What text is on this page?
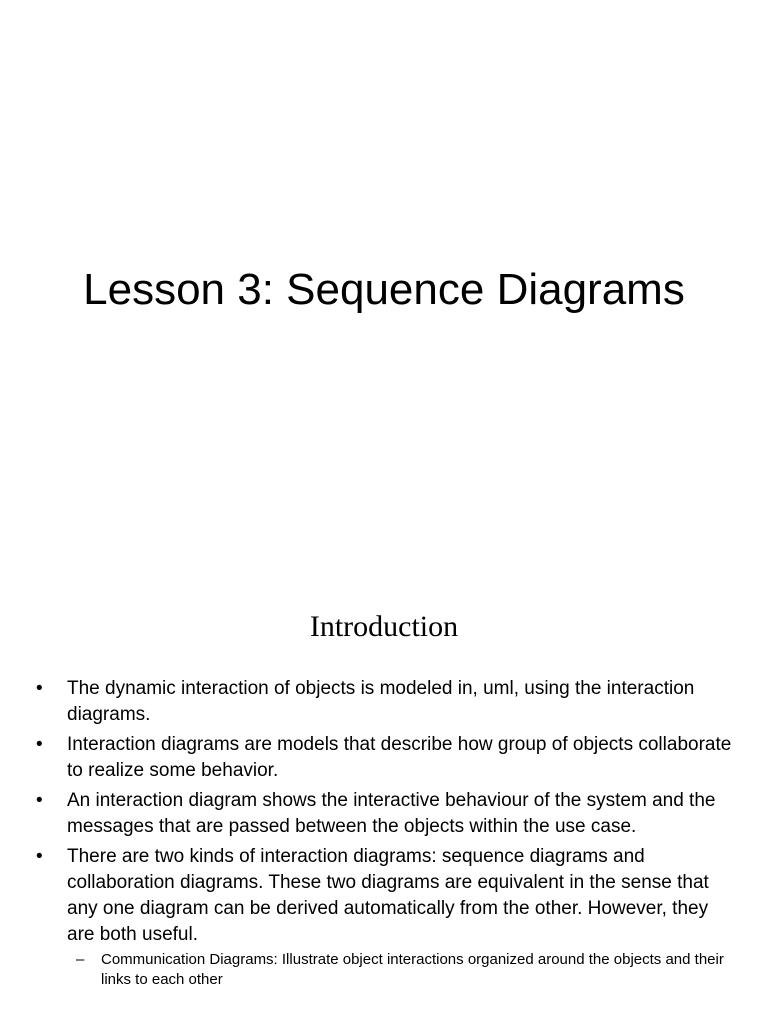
Lesson 3: Sequence Diagrams
Introduction
•	The dynamic interaction of objects is modeled in, uml, using the interaction diagrams.
•	Interaction diagrams are models that describe how group of objects collaborate to realize some behavior.
•	An interaction diagram shows the interactive behaviour of the system and the messages that are passed between the objects within the use case.
•	There are two kinds of interaction diagrams: sequence diagrams and collaboration diagrams. These two diagrams are equivalent in the sense that any one diagram can be derived automatically from the other. However, they are both useful.
– Communication Diagrams: Illustrate object interactions organized around the objects and their links to each other
